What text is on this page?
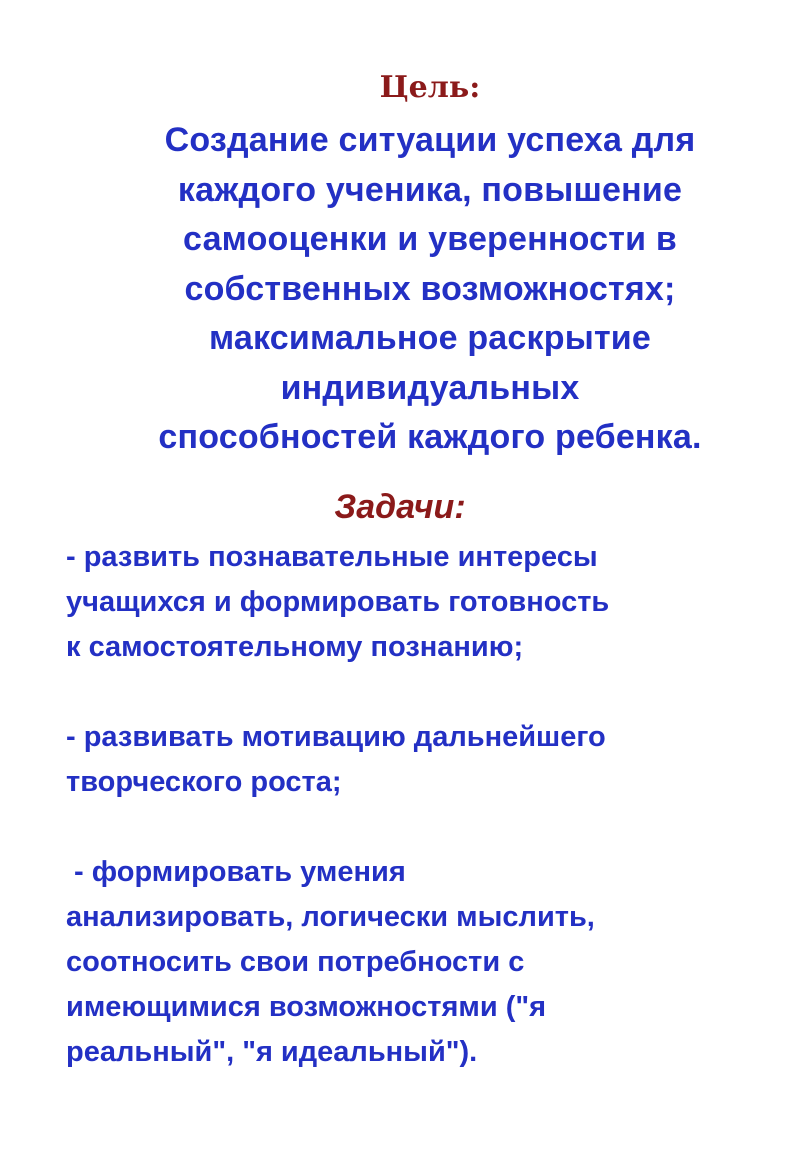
Цель:
Создание ситуации успеха для
каждого ученика, повышение
самооценки и уверенности в
собственных возможностях;
максимальное раскрытие
индивидуальных
способностей каждого ребенка.
Задачи:
- развить познавательные интересы
учащихся и формировать готовность
к самостоятельному познанию;
- развивать мотивацию дальнейшего
творческого роста;
- формировать умения
анализировать, логически мыслить,
соотносить свои потребности с
имеющимися возможностями ("я
реальный", "я идеальный").
